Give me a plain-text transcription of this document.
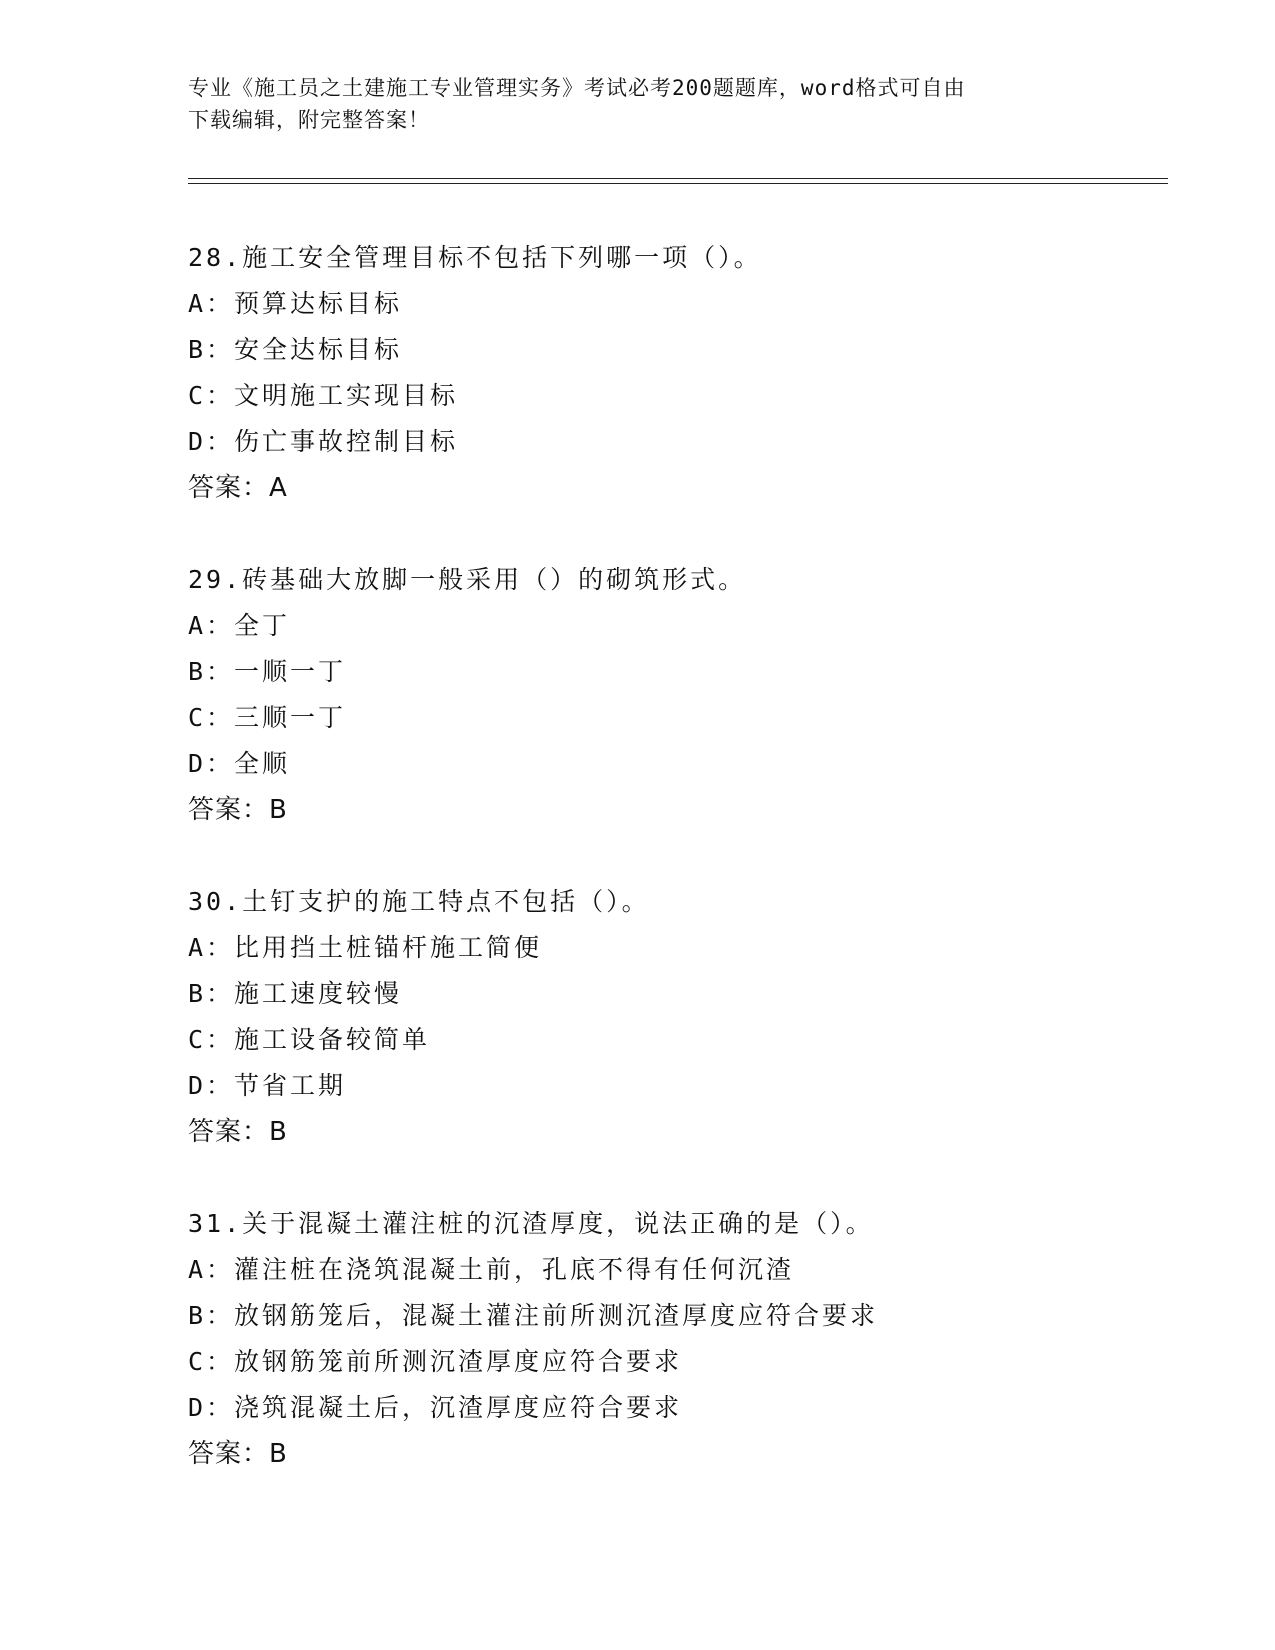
专业《施工员之土建施工专业管理实务》考试必考200题题库，word格式可自由
下载编辑，附完整答案！
28.施工安全管理目标不包括下列哪一项（）。
A：预算达标目标
B：安全达标目标
C：文明施工实现目标
D：伤亡事故控制目标
答案：A
29.砖基础大放脚一般采用（）的砌筑形式。
A：全丁
B：一顺一丁
C：三顺一丁
D：全顺
答案：B
30.土钉支护的施工特点不包括（）。
A：比用挡土桩锚杆施工简便
B：施工速度较慢
C：施工设备较简单
D：节省工期
答案：B
31.关于混凝土灌注桩的沉渣厚度，说法正确的是（）。
A：灌注桩在浇筑混凝土前，孔底不得有任何沉渣
B：放钢筋笼后，混凝土灌注前所测沉渣厚度应符合要求
C：放钢筋笼前所测沉渣厚度应符合要求
D：浇筑混凝土后，沉渣厚度应符合要求
答案：B
